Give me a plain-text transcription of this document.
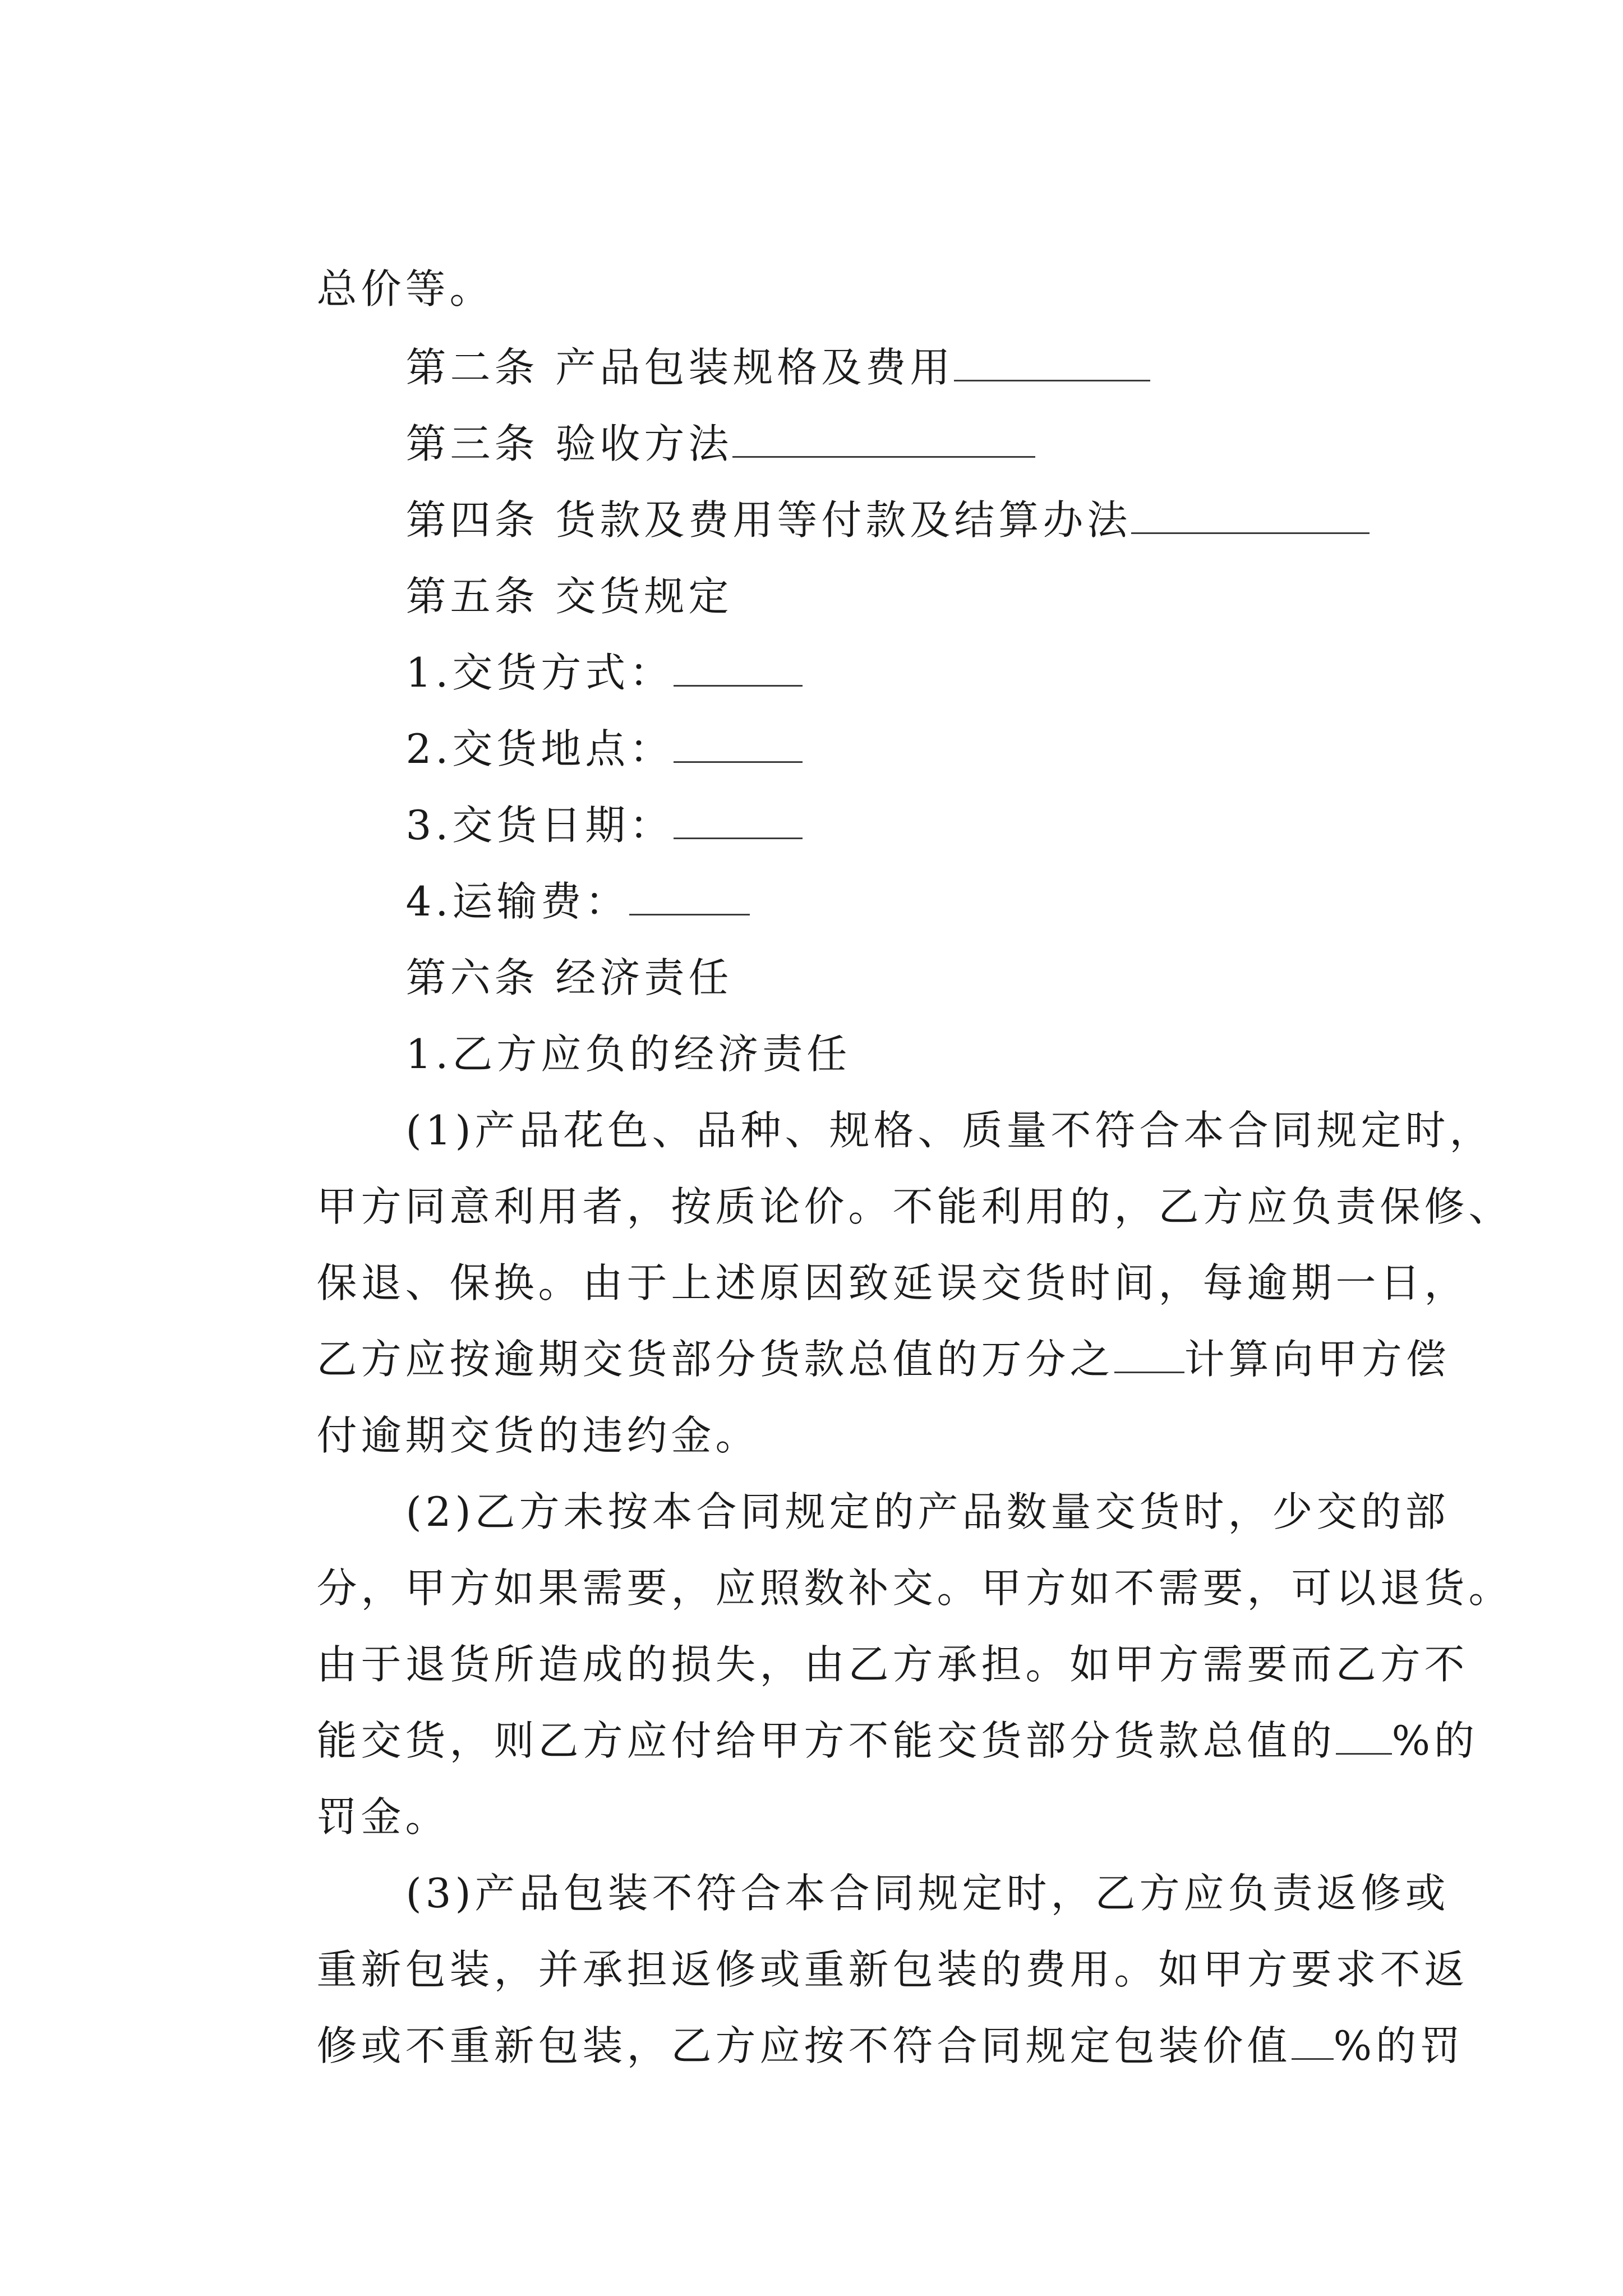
总价等。

第二条 产品包装规格及费用

第三条 验收方法

第四条 货款及费用等付款及结算办法

第五条 交货规定

1.交货方式：

2.交货地点：

3.交货日期：

4.运输费：

第六条 经济责任

1.乙方应负的经济责任

(1)产品花色、品种、规格、质量不符合本合同规定时，

甲方同意利用者，按质论价。不能利用的，乙方应负责保修、

保退、保换。由于上述原因致延误交货时间，每逾期一日，

乙方应按逾期交货部分货款总值的万分之 计算向甲方偿

付逾期交货的违约金。

(2)乙方未按本合同规定的产品数量交货时，少交的部

分，甲方如果需要，应照数补交。甲方如不需要，可以退货。

由于退货所造成的损失，由乙方承担。如甲方需要而乙方不

能交货，则乙方应付给甲方不能交货部分货款总值的 %的

罚金。

(3)产品包装不符合本合同规定时，乙方应负责返修或

重新包装，并承担返修或重新包装的费用。如甲方要求不返

修或不重新包装，乙方应按不符合同规定包装价值 %的罚
